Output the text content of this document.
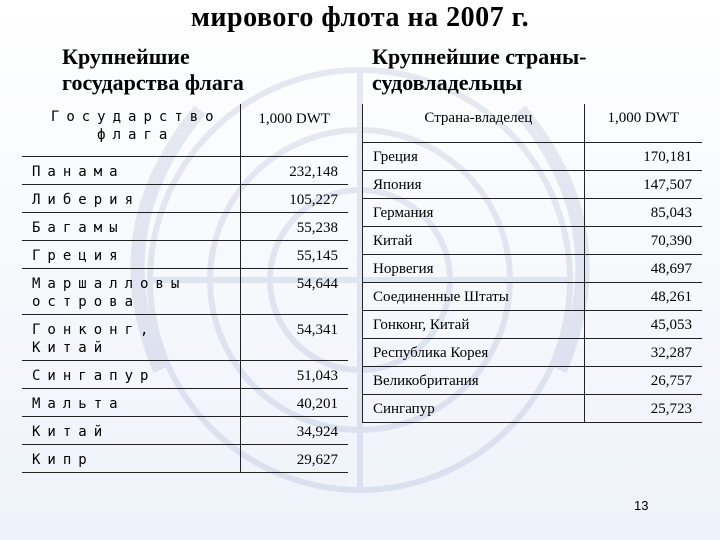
мирового флота на 2007 г.
Крупнейшие
государства флага
Крупнейшие страны-
судовладельцы
Государство флага	1,000 DWT
Панама	232,148
Либерия	105,227
Багамы	55,238
Греция	55,145
Маршалловы острова	54,644
Гонконг, Китай	54,341
Сингапур	51,043
Мальта	40,201
Китай	34,924
Кипр	29,627
Страна-владелец	1,000 DWT
Греция	170,181
Япония	147,507
Германия	85,043
Китай	70,390
Норвегия	48,697
Соединенные Штаты	48,261
Гонконг, Китай	45,053
Республика Корея	32,287
Великобритания	26,757
Сингапур	25,723
13
